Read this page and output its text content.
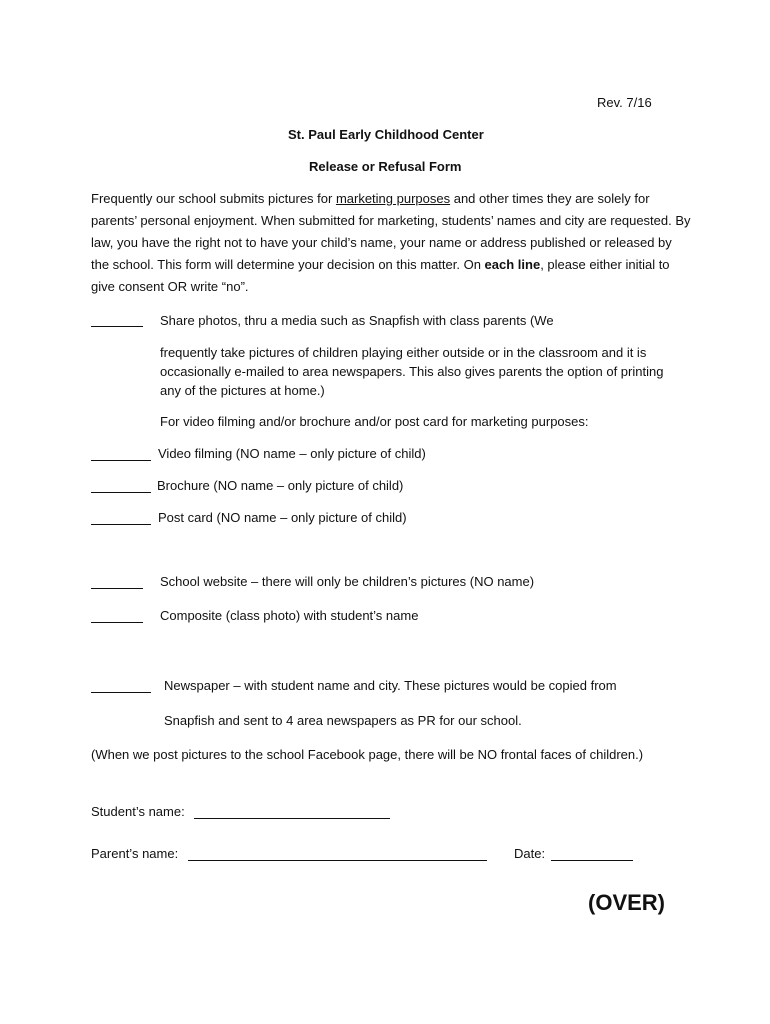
Rev. 7/16
St. Paul Early Childhood Center
Release or Refusal Form
Frequently our school submits pictures for marketing purposes and other times they are solely for parents’ personal enjoyment. When submitted for marketing, students’ names and city are requested. By law, you have the right not to have your child’s name, your name or address published or released by the school. This form will determine your decision on this matter. On each line, please either initial to give consent OR write “no”.
Share photos, thru a media such as Snapfish with class parents (We
frequently take pictures of children playing either outside or in the classroom and it is occasionally e-mailed to area newspapers. This also gives parents the option of printing any of the pictures at home.)
For video filming and/or brochure and/or post card for marketing purposes:
Video filming (NO name – only picture of child)
Brochure (NO name – only picture of child)
Post card (NO name – only picture of child)
School website – there will only be children’s pictures (NO name)
Composite (class photo) with student’s name
Newspaper – with student name and city. These pictures would be copied from
Snapfish and sent to 4 area newspapers as PR for our school.
(When we post pictures to the school Facebook page, there will be NO frontal faces of children.)
Student’s name:
Parent’s name:	Date:
(OVER)
